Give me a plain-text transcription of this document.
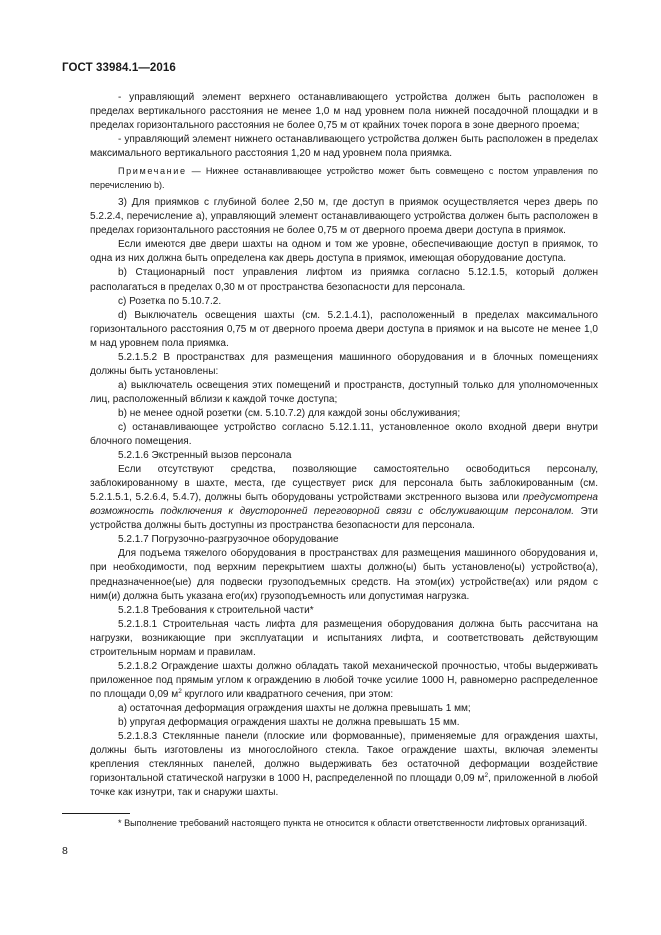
ГОСТ 33984.1—2016

- управляющий элемент верхнего останавливающего устройства должен быть расположен в пределах вертикального расстояния не менее 1,0 м над уровнем пола нижней посадочной площадки и в пределах горизонтального расстояния не более 0,75 м от крайних точек порога в зоне дверного проема;

- управляющий элемент нижнего останавливающего устройства должен быть расположен в пределах максимального вертикального расстояния 1,20 м над уровнем пола приямка.

Примечание — Нижнее останавливающее устройство может быть совмещено с постом управления по перечислению b).

3) Для приямков с глубиной более 2,50 м, где доступ в приямок осуществляется через дверь по 5.2.2.4, перечисление а), управляющий элемент останавливающего устройства должен быть расположен в пределах горизонтального расстояния не более 0,75 м от дверного проема двери доступа в приямок.

Если имеются две двери шахты на одном и том же уровне, обеспечивающие доступ в приямок, то одна из них должна быть определена как дверь доступа в приямок, имеющая оборудование доступа.

b) Стационарный пост управления лифтом из приямка согласно 5.12.1.5, который должен располагаться в пределах 0,30 м от пространства безопасности для персонала.

c) Розетка по 5.10.7.2.

d) Выключатель освещения шахты (см. 5.2.1.4.1), расположенный в пределах максимального горизонтального расстояния 0,75 м от дверного проема двери доступа в приямок и на высоте не менее 1,0 м над уровнем пола приямка.

5.2.1.5.2 В пространствах для размещения машинного оборудования и в блочных помещениях должны быть установлены:

a) выключатель освещения этих помещений и пространств, доступный только для уполномоченных лиц, расположенный вблизи к каждой точке доступа;

b) не менее одной розетки (см. 5.10.7.2) для каждой зоны обслуживания;

c) останавливающее устройство согласно 5.12.1.11, установленное около входной двери внутри блочного помещения.

5.2.1.6 Экстренный вызов персонала

Если отсутствуют средства, позволяющие самостоятельно освободиться персоналу, заблокированному в шахте, места, где существует риск для персонала быть заблокированным (см. 5.2.1.5.1, 5.2.6.4, 5.4.7), должны быть оборудованы устройствами экстренного вызова или предусмотрена возможность подключения к двусторонней переговорной связи с обслуживающим персоналом. Эти устройства должны быть доступны из пространства безопасности для персонала.

5.2.1.7 Погрузочно-разгрузочное оборудование

Для подъема тяжелого оборудования в пространствах для размещения машинного оборудования и, при необходимости, под верхним перекрытием шахты должно(ы) быть установлено(ы) устройство(а), предназначенное(ые) для подвески грузоподъемных средств. На этом(их) устройстве(ах) или рядом с ним(и) должна быть указана его(их) грузоподъемность или допустимая нагрузка.

5.2.1.8 Требования к строительной части*

5.2.1.8.1 Строительная часть лифта для размещения оборудования должна быть рассчитана на нагрузки, возникающие при эксплуатации и испытаниях лифта, и соответствовать действующим строительным нормам и правилам.

5.2.1.8.2 Ограждение шахты должно обладать такой механической прочностью, чтобы выдерживать приложенное под прямым углом к ограждению в любой точке усилие 1000 Н, равномерно распределенное по площади 0,09 $м^2$ круглого или квадратного сечения, при этом:

a) остаточная деформация ограждения шахты не должна превышать 1 мм;

b) упругая деформация ограждения шахты не должна превышать 15 мм.

5.2.1.8.3 Стеклянные панели (плоские или формованные), применяемые для ограждения шахты, должны быть изготовлены из многослойного стекла. Такое ограждение шахты, включая элементы крепления стеклянных панелей, должно выдерживать без остаточной деформации воздействие горизонтальной статической нагрузки в 1000 Н, распределенной по площади 0,09 $м^2$, приложенной в любой точке как изнутри, так и снаружи шахты.

* Выполнение требований настоящего пункта не относится к области ответственности лифтовых организаций.
8
